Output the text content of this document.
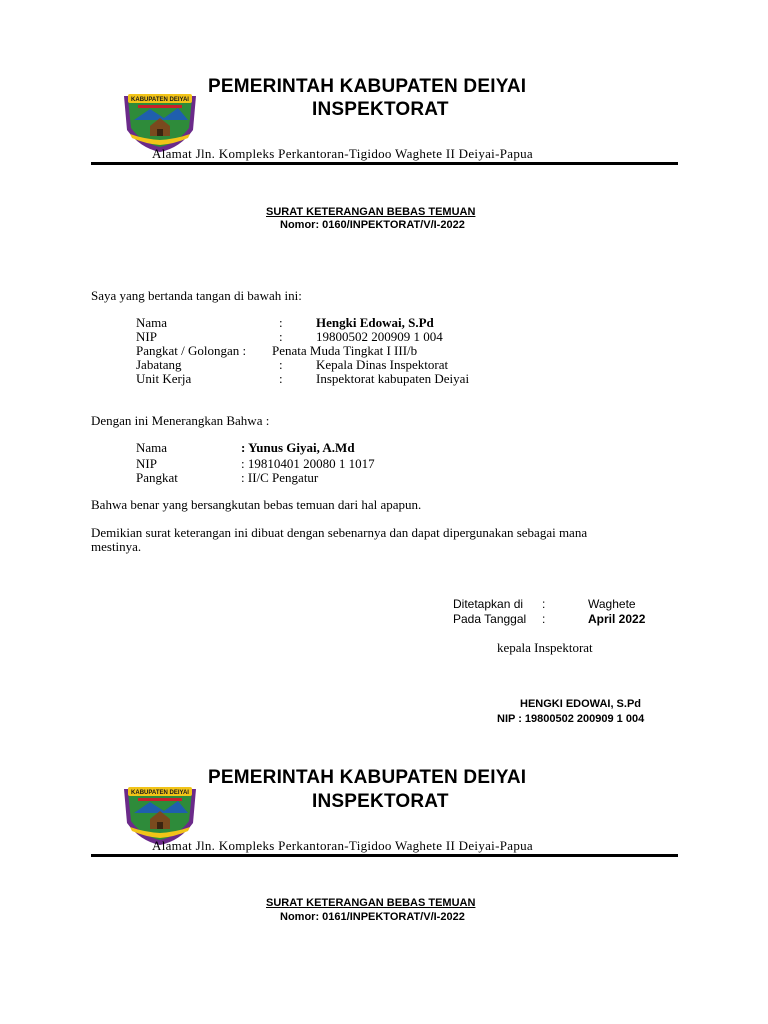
KABUPATEN DEIYAI
PEMERINTAH KABUPATEN DEIYAI
INSPEKTORAT
Alamat Jln. Kompleks Perkantoran-Tigidoo Waghete II Deiyai-Papua
SURAT KETERANGAN BEBAS TEMUAN
Nomor: 0160/INPEKTORAT/V/I-2022
Saya yang bertanda tangan di bawah ini:
Nama	:	Hengki Edowai, S.Pd
NIP	:	19800502 200909 1 004
Pangkat / Golongan : Penata Muda Tingkat I III/b
Jabatang	:	Kepala Dinas Inspektorat
Unit Kerja	:	Inspektorat kabupaten Deiyai
Dengan ini Menerangkan Bahwa :
Nama	: Yunus Giyai, A.Md
NIP	: 19810401 20080 1 1017
Pangkat	: II/C Pengatur
Bahwa benar yang bersangkutan bebas temuan dari hal apapun.
Demikian surat keterangan ini dibuat dengan sebenarnya dan dapat dipergunakan sebagai mana
mestinya.
Ditetapkan di :	Waghete
Pada Tanggal :	April 2022
kepala Inspektorat
HENGKI EDOWAI, S.Pd
NIP : 19800502 200909 1 004
KABUPATEN DEIYAI
PEMERINTAH KABUPATEN DEIYAI
INSPEKTORAT
Alamat Jln. Kompleks Perkantoran-Tigidoo Waghete II Deiyai-Papua
SURAT KETERANGAN BEBAS TEMUAN
Nomor: 0161/INPEKTORAT/V/I-2022
